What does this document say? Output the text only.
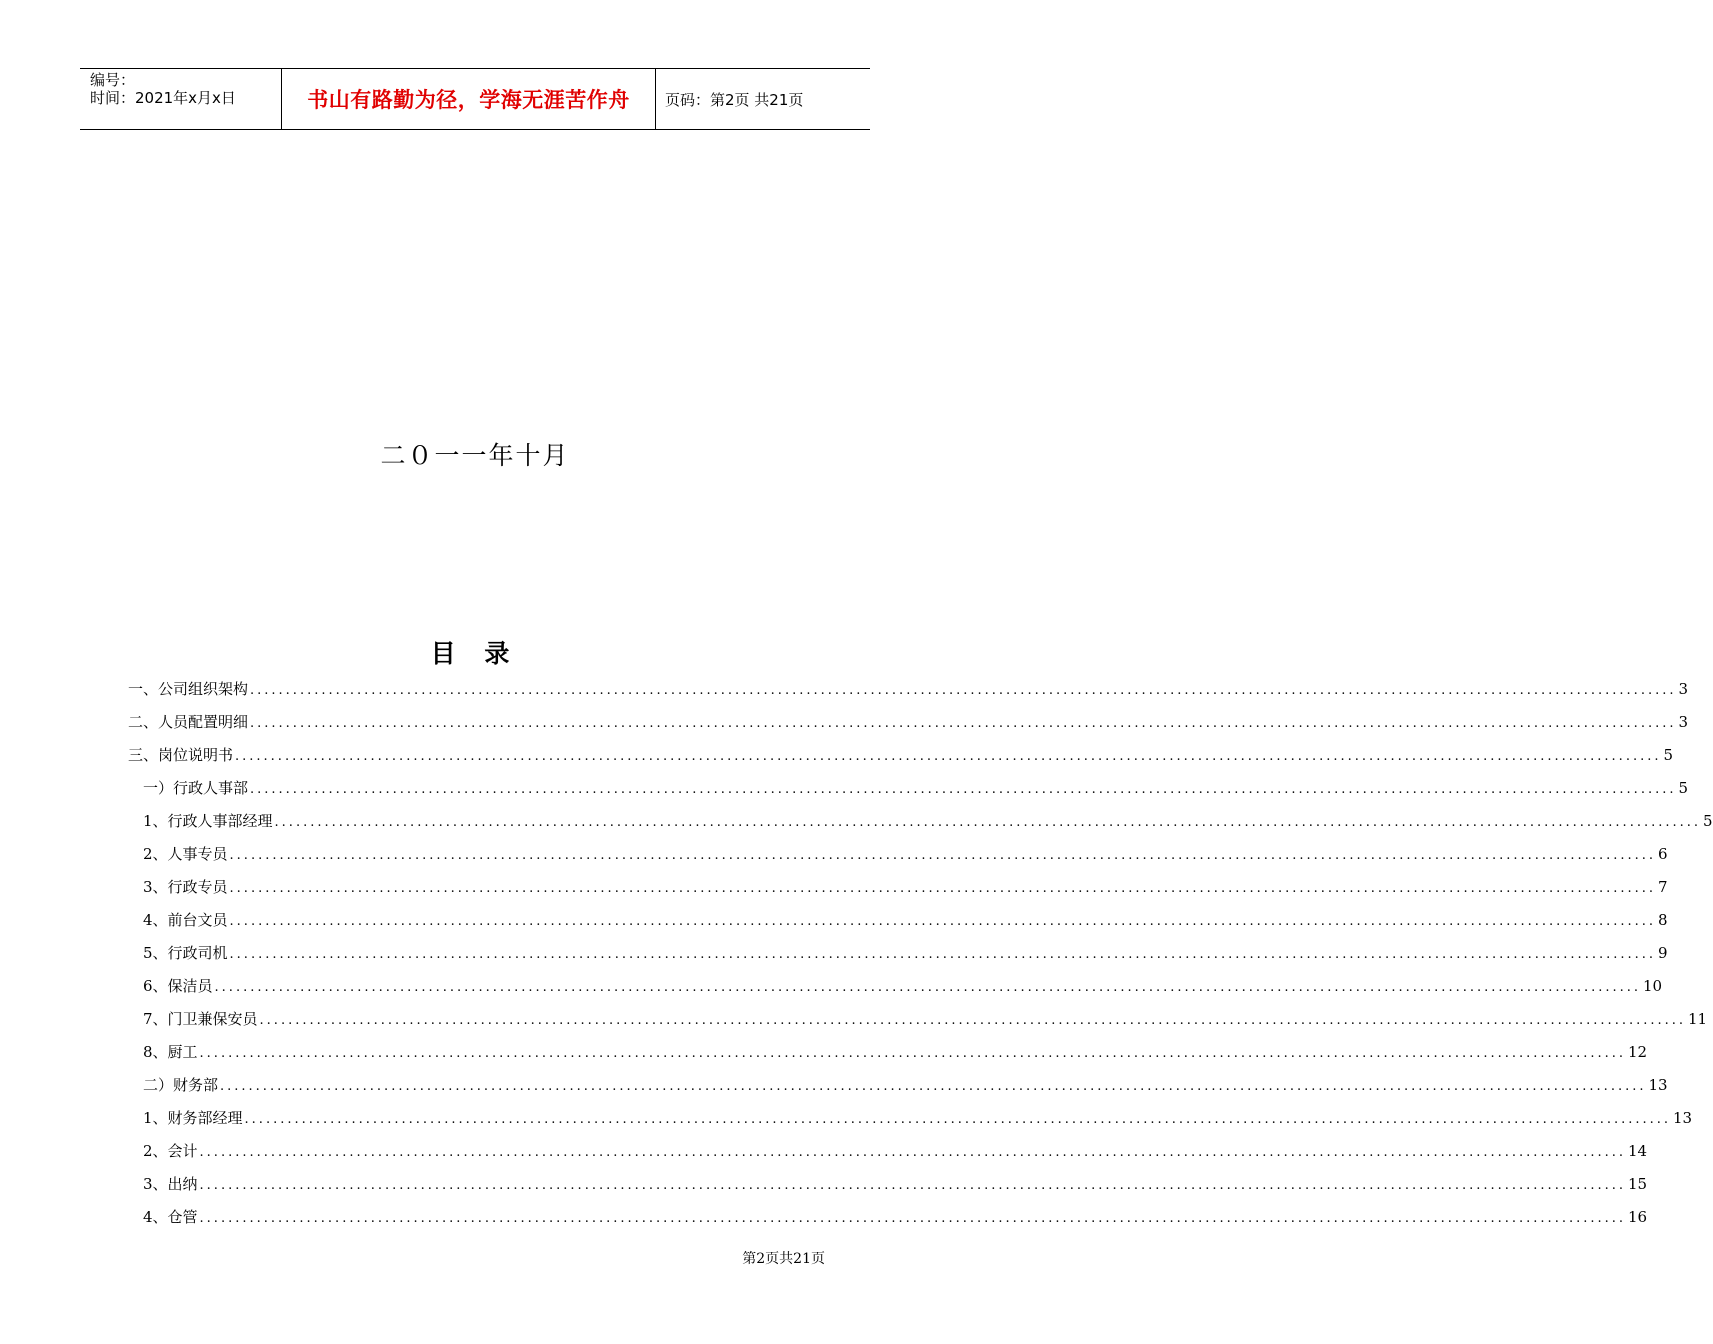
编号：
时间：2021年x月x日	书山有路勤为径，学海无涯苦作舟 页码：第2页 共21页
二０一一年十月
目 录
一、公司组织架构 ........................................................................................................................................................................................................ 3
二、人员配置明细 ........................................................................................................................................................................................................ 3
三、岗位说明书 ........................................................................................................................................................................................................ 5
一）行政人事部 ........................................................................................................................................................................................................ 5
1、行政人事部经理 ........................................................................................................................................................................................................ 5
2、人事专员 ........................................................................................................................................................................................................ 6
3、行政专员 ........................................................................................................................................................................................................ 7
4、前台文员 ........................................................................................................................................................................................................ 8
5、行政司机 ........................................................................................................................................................................................................ 9
6、保洁员 ........................................................................................................................................................................................................ 10
7、门卫兼保安员 ........................................................................................................................................................................................................ 11
8、厨工 ........................................................................................................................................................................................................ 12
二）财务部 ........................................................................................................................................................................................................ 13
1、财务部经理 ........................................................................................................................................................................................................ 13
2、会计 ........................................................................................................................................................................................................ 14
3、出纳 ........................................................................................................................................................................................................ 15
4、仓管 ........................................................................................................................................................................................................ 16
第2页共21页
